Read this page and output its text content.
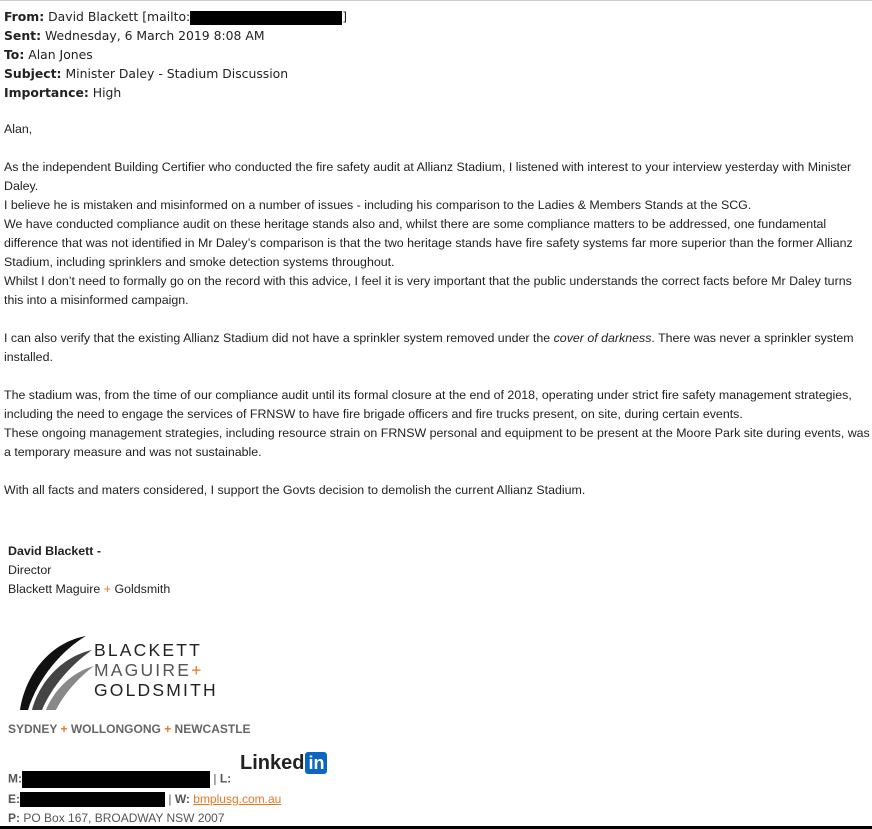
From: David Blackett [mailto:	]
Sent: Wednesday, 6 March 2019 8:08 AM
To: Alan Jones
Subject: Minister Daley - Stadium Discussion
Importance: High

Alan,

As the independent Building Certifier who conducted the fire safety audit at Allianz Stadium, I listened with interest to your interview yesterday with Minister Daley.

I believe he is mistaken and misinformed on a number of issues - including his comparison to the Ladies & Members Stands at the SCG.

We have conducted compliance audit on these heritage stands also and, whilst there are some compliance matters to be addressed, one fundamental difference that was not identified in Mr Daley’s comparison is that the two heritage stands have fire safety systems far more superior than the former Allianz Stadium, including sprinklers and smoke detection systems throughout.

Whilst I don’t need to formally go on the record with this advice, I feel it is very important that the public understands the correct facts before Mr Daley turns this into a misinformed campaign.

I can also verify that the existing Allianz Stadium did not have a sprinkler system removed under the cover of darkness. There was never a sprinkler system installed.

The stadium was, from the time of our compliance audit until its formal closure at the end of 2018, operating under strict fire safety management strategies, including the need to engage the services of FRNSW to have fire brigade officers and fire trucks present, on site, during certain events.

These ongoing management strategies, including resource strain on FRNSW personal and equipment to be present at the Moore Park site during events, was a temporary measure and was not sustainable.

With all facts and maters considered, I support the Govts decision to demolish the current Allianz Stadium.

David Blackett -
Director
Blackett Maguire + Goldsmith
BLACKETT
MAGUIRE+
GOLDSMITH
SYDNEY + WOLLONGONG + NEWCASTLE
Linked in
M:	| L:
E:	| W: bmplusg.com.au
P: PO Box 167, BROADWAY NSW 2007
